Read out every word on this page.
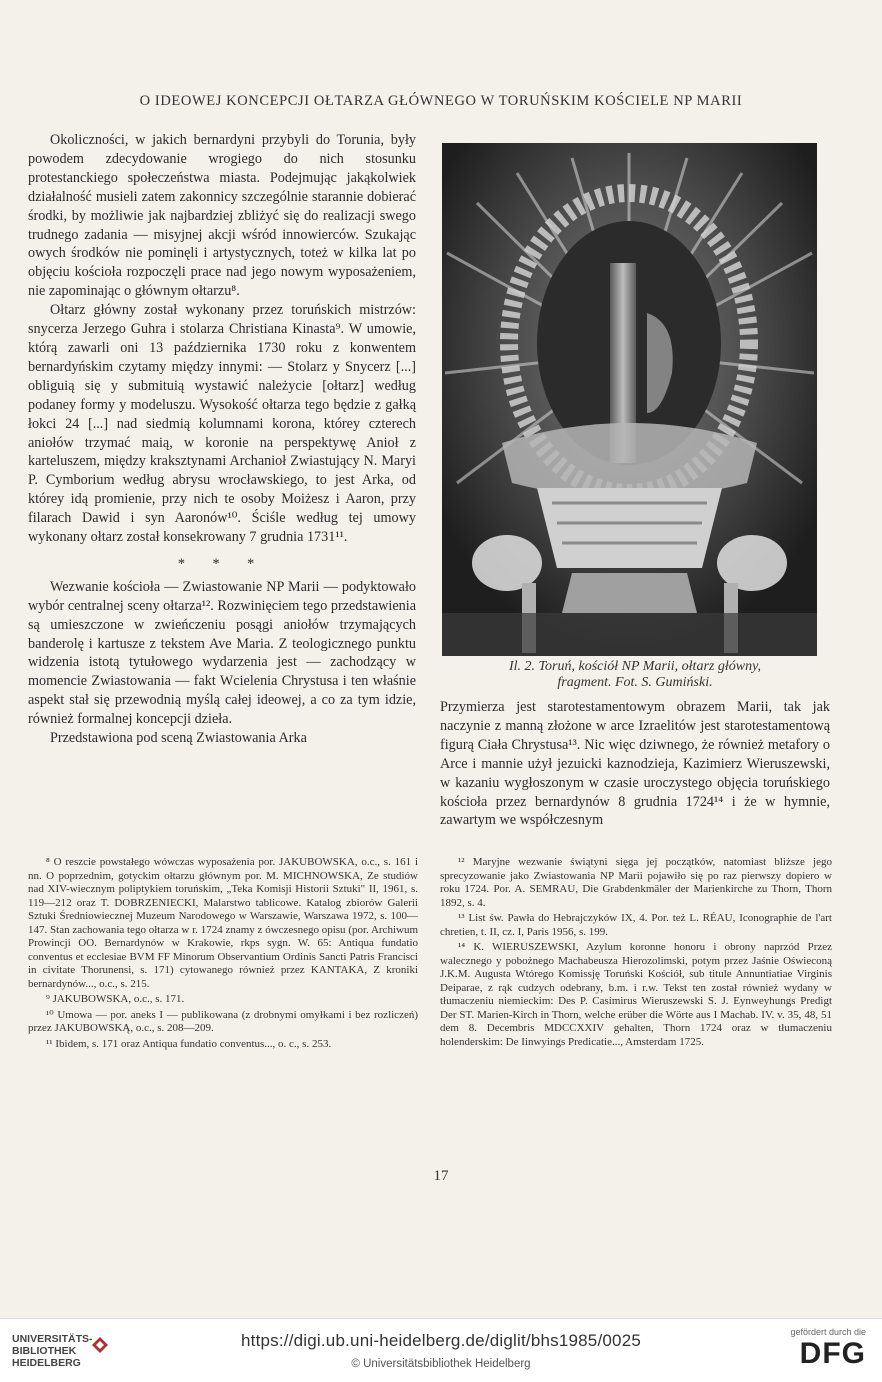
O IDEOWEJ KONCEPCJI OŁTARZA GŁÓWNEGO W TORUŃSKIM KOŚCIELE NP MARII

Okoliczności, w jakich bernardyni przybyli do Torunia, były powodem zdecydowanie wrogiego do nich stosunku protestanckiego społeczeństwa miasta. Podejmując jakąkolwiek działalność musieli zatem zakonnicy szczególnie starannie dobierać środki, by możliwie jak najbardziej zbliżyć się do realizacji swego trudnego zadania — misyjnej akcji wśród innowierców. Szukając owych środków nie pominęli i artystycznych, toteż w kilka lat po objęciu kościoła rozpoczęli prace nad jego nowym wyposażeniem, nie zapominając o głównym ołtarzu⁸.

Ołtarz główny został wykonany przez toruńskich mistrzów: snycerza Jerzego Guhra i stolarza Christiana Kinasta⁹. W umowie, którą zawarli oni 13 października 1730 roku z konwentem bernardyńskim czytamy między innymi: — Stolarz y Snycerz [...] obliguią się y submituią wystawić należycie [ołtarz] według podaney formy y modeluszu. Wysokość ołtarza tego będzie z gałką łokci 24 [...] nad siedmią kolumnami korona, którey czterech aniołów trzymać maią, w koronie na perspektywę Anioł z karteluszem, między kraksztynami Archanioł Zwiastujący N. Maryi P. Cymborium według abrysu wrocławskiego, to jest Arka, od którey idą promienie, przy nich te osoby Moiżesz i Aaron, przy filarach Dawid i syn Aaronów¹⁰. Ściśle według tej umowy wykonany ołtarz został konsekrowany 7 grudnia 1731¹¹.

* * *

Wezwanie kościoła — Zwiastowanie NP Marii — podyktowało wybór centralnej sceny ołtarza¹². Rozwinięciem tego przedstawienia są umieszczone w zwieńczeniu posągi aniołów trzymających banderolę i kartusze z tekstem Ave Maria. Z teologicznego punktu widzenia istotą tytułowego wydarzenia jest — zachodzący w momencie Zwiastowania — fakt Wcielenia Chrystusa i ten właśnie aspekt stał się przewodnią myślą całej ideowej, a co za tym idzie, również formalnej koncepcji dzieła.

Przedstawiona pod sceną Zwiastowania Arka

Il. 2. Toruń, kościół NP Marii, ołtarz główny,
fragment. Fot. S. Gumiński.

Przymierza jest starotestamentowym obrazem Marii, tak jak naczynie z manną złożone w arce Izraelitów jest starotestamentową figurą Ciała Chrystusa¹³. Nic więc dziwnego, że również metafory o Arce i mannie użył jezuicki kaznodzieja, Kazimierz Wieruszewski, w kazaniu wygłoszonym w czasie uroczystego objęcia toruńskiego kościoła przez bernardynów 8 grudnia 1724¹⁴ i że w hymnie, zawartym we współczesnym

⁸ O reszcie powstałego wówczas wyposażenia por. JAKUBOWSKA, o.c., s. 161 i nn. O poprzednim, gotyckim ołtarzu głównym por. M. MICHNOWSKA, Ze studiów nad XIV-wiecznym poliptykiem toruńskim, „Teka Komisji Historii Sztuki" II, 1961, s. 119—212 oraz T. DOBRZENIECKI, Malarstwo tablicowe. Katalog zbiorów Galerii Sztuki Średniowiecznej Muzeum Narodowego w Warszawie, Warszawa 1972, s. 100—147. Stan zachowania tego ołtarza w r. 1724 znamy z ówczesnego opisu (por. Archiwum Prowincji OO. Bernardynów w Krakowie, rkps sygn. W. 65: Antiqua fundatio conventus et ecclesiae BVM FF Minorum Observantium Ordinis Sancti Patris Francisci in civitate Thorunensi, s. 171) cytowanego również przez KANTAKA, Z kroniki bernardynów..., o.c., s. 215.

⁹ JAKUBOWSKA, o.c., s. 171.

¹⁰ Umowa — por. aneks I — publikowana (z drobnymi omyłkami i bez rozliczeń) przez JAKUBOWSKĄ, o.c., s. 208—209.

¹¹ Ibidem, s. 171 oraz Antiqua fundatio conventus..., o. c., s. 253.

¹² Maryjne wezwanie świątyni sięga jej początków, natomiast bliższe jego sprecyzowanie jako Zwiastowania NP Marii pojawiło się po raz pierwszy dopiero w roku 1724. Por. A. SEMRAU, Die Grabdenkmäler der Marienkirche zu Thorn, Thorn 1892, s. 4.

¹³ List św. Pawła do Hebrajczyków IX, 4. Por. też L. RÉAU, Iconographie de l'art chretien, t. II, cz. I, Paris 1956, s. 199.

¹⁴ K. WIERUSZEWSKI, Azylum koronne honoru i obrony naprzód Przez walecznego y pobożnego Machabeusza Hierozolimski, potym przez Jaśnie Oświeconą J.K.M. Augusta Wtórego Komissję Toruński Kościół, sub titule Annuntiatiae Virginis Deiparae, z rąk cudzych odebrany, b.m. i r.w. Tekst ten został również wydany w tłumaczeniu niemieckim: Des P. Casimirus Wieruszewski S. J. Eynweyhungs Predigt Der ST. Marien-Kirch in Thorn, welche erüber die Wörte aus I Machab. IV. v. 35, 48, 51 dem 8. Decembris MDCCXXIV gehalten, Thorn 1724 oraz w tłumaczeniu holenderskim: De Iinwyings Predicatie..., Amsterdam 1725.

17
UNIVERSITÄTS-
BIBLIOTHEK
HEIDELBERG
https://digi.ub.uni-heidelberg.de/diglit/bhs1985/0025
© Universitätsbibliothek Heidelberg
gefördert durch die
DFG
